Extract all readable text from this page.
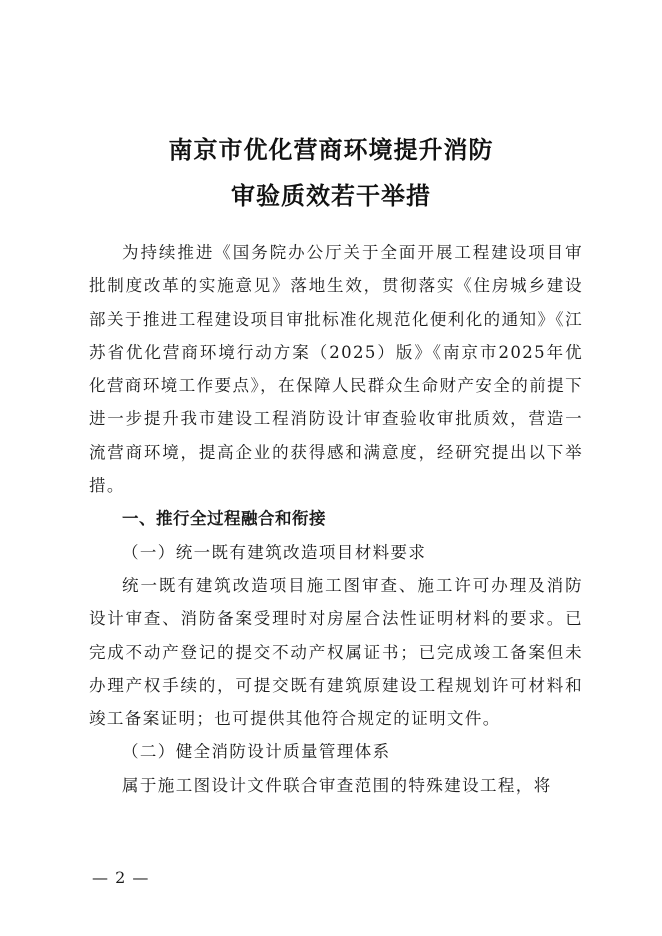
南京市优化营商环境提升消防
审验质效若干举措

为持续推进《国务院办公厅关于全面开展工程建设项目审批制度改革的实施意见》落地生效，贯彻落实《住房城乡建设部关于推进工程建设项目审批标准化规范化便利化的通知》《江苏省优化营商环境行动方案（2025）版》《南京市2025年优化营商环境工作要点》，在保障人民群众生命财产安全的前提下进一步提升我市建设工程消防设计审查验收审批质效，营造一流营商环境，提高企业的获得感和满意度，经研究提出以下举措。

一、推行全过程融合和衔接

（一）统一既有建筑改造项目材料要求

统一既有建筑改造项目施工图审查、施工许可办理及消防设计审查、消防备案受理时对房屋合法性证明材料的要求。已完成不动产登记的提交不动产权属证书；已完成竣工备案但未办理产权手续的，可提交既有建筑原建设工程规划许可材料和竣工备案证明；也可提供其他符合规定的证明文件。

（二）健全消防设计质量管理体系

属于施工图设计文件联合审查范围的特殊建设工程，将

— 2 —
